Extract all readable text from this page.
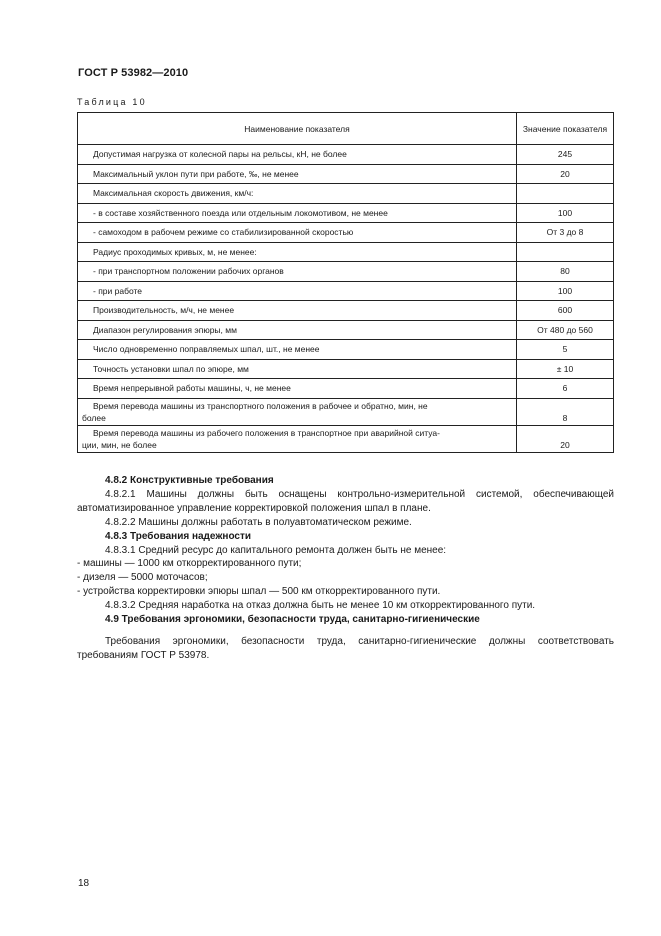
ГОСТ Р 53982—2010
Таблица 10
Наименование показателя	Значение показателя
Допустимая нагрузка от колесной пары на рельсы, кН, не более	245
Максимальный уклон пути при работе, ‰, не менее	20
Максимальная скорость движения, км/ч:	
- в составе хозяйственного поезда или отдельным локомотивом, не менее	100
- самоходом в рабочем режиме со стабилизированной скоростью	От 3 до 8
Радиус проходимых кривых, м, не менее:	
- при транспортном положении рабочих органов	80
- при работе	100
Производительность, м/ч, не менее	600
Диапазон регулирования эпюры, мм	От 480 до 560
Число одновременно поправляемых шпал, шт., не менее	5
Точность установки шпал по эпюре, мм	± 10
Время непрерывной работы машины, ч, не менее	6
Время перевода машины из транспортного положения в рабочее и обратно, мин, не
более	8
Время перевода машины из рабочего положения в транспортное при аварийной ситуа-
ции, мин, не более	20

4.8.2 Конструктивные требования

4.8.2.1 Машины должны быть оснащены контрольно-измерительной системой, обеспечивающей автоматизированное управление корректировкой положения шпал в плане.

4.8.2.2 Машины должны работать в полуавтоматическом режиме.

4.8.3 Требования надежности

4.8.3.1 Средний ресурс до капитального ремонта должен быть не менее:

- машины — 1000 км откорректированного пути;

- дизеля — 5000 моточасов;

- устройства корректировки эпюры шпал — 500 км откорректированного пути.

4.8.3.2 Средняя наработка на отказ должна быть не менее 10 км откорректированного пути.

4.9 Требования эргономики, безопасности труда, санитарно-гигиенические

Требования эргономики, безопасности труда, санитарно-гигиенические должны соответствовать требованиям ГОСТ Р 53978.

18
